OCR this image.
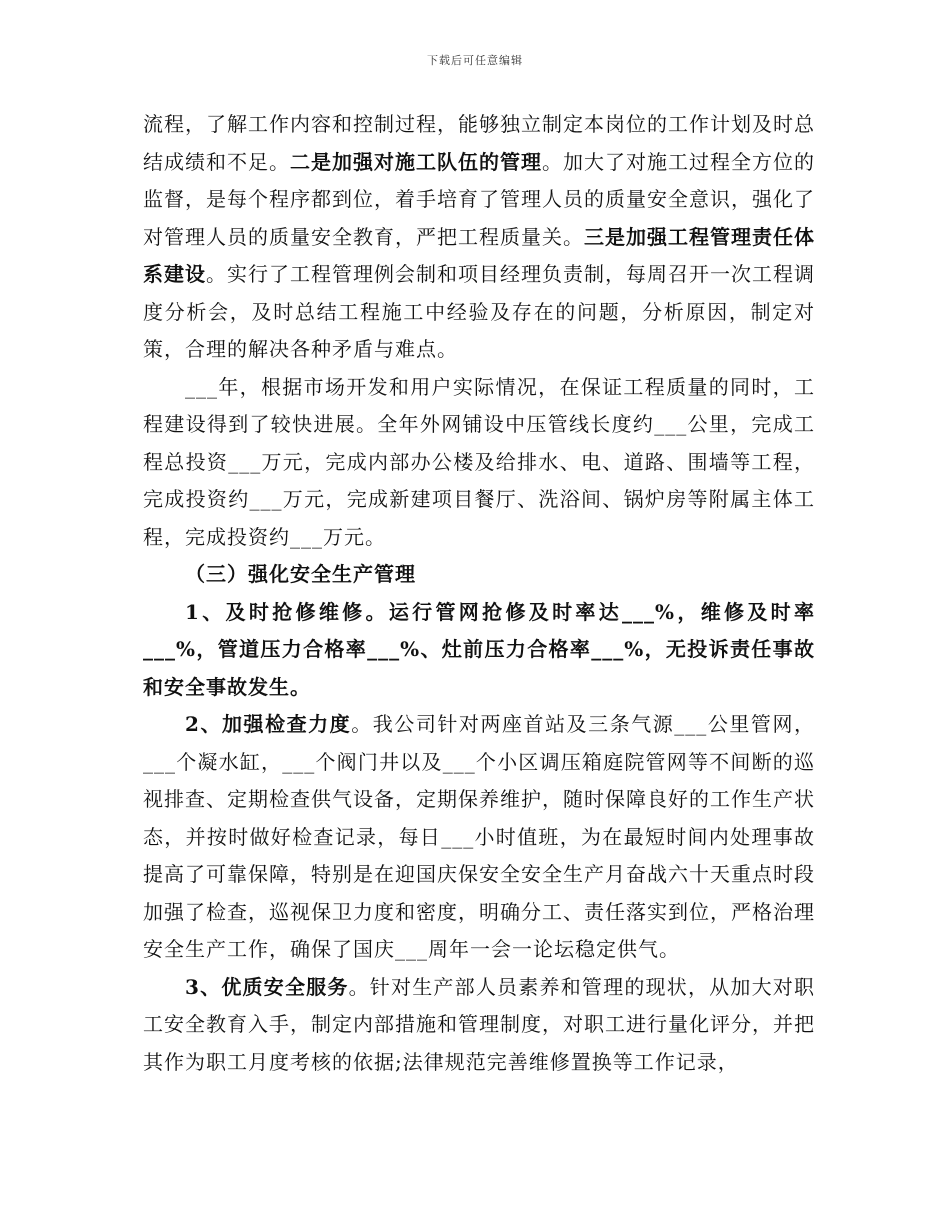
下载后可任意编辑

流程，了解工作内容和控制过程，能够独立制定本岗位的工作计划及时总结成绩和不足。二是加强对施工队伍的管理。加大了对施工过程全方位的监督，是每个程序都到位，着手培育了管理人员的质量安全意识，强化了对管理人员的质量安全教育，严把工程质量关。三是加强工程管理责任体系建设。实行了工程管理例会制和项目经理负责制，每周召开一次工程调度分析会，及时总结工程施工中经验及存在的问题，分析原因，制定对策，合理的解决各种矛盾与难点。

___年，根据市场开发和用户实际情况，在保证工程质量的同时，工程建设得到了较快进展。全年外网铺设中压管线长度约___公里，完成工程总投资___万元，完成内部办公楼及给排水、电、道路、围墙等工程，完成投资约___万元，完成新建项目餐厅、洗浴间、锅炉房等附属主体工程，完成投资约___万元。

（三）强化安全生产管理

1、及时抢修维修。运行管网抢修及时率达___%，维修及时率___%，管道压力合格率___%、灶前压力合格率___%，无投诉责任事故和安全事故发生。

2、加强检查力度。我公司针对两座首站及三条气源___公里管网，___个凝水缸，___个阀门井以及___个小区调压箱庭院管网等不间断的巡视排查、定期检查供气设备，定期保养维护，随时保障良好的工作生产状态，并按时做好检查记录，每日___小时值班，为在最短时间内处理事故提高了可靠保障，特别是在迎国庆保安全安全生产月奋战六十天重点时段加强了检查，巡视保卫力度和密度，明确分工、责任落实到位，严格治理安全生产工作，确保了国庆___周年一会一论坛稳定供气。

3、优质安全服务。针对生产部人员素养和管理的现状，从加大对职工安全教育入手，制定内部措施和管理制度，对职工进行量化评分，并把其作为职工月度考核的依据;法律规范完善维修置换等工作记录，
